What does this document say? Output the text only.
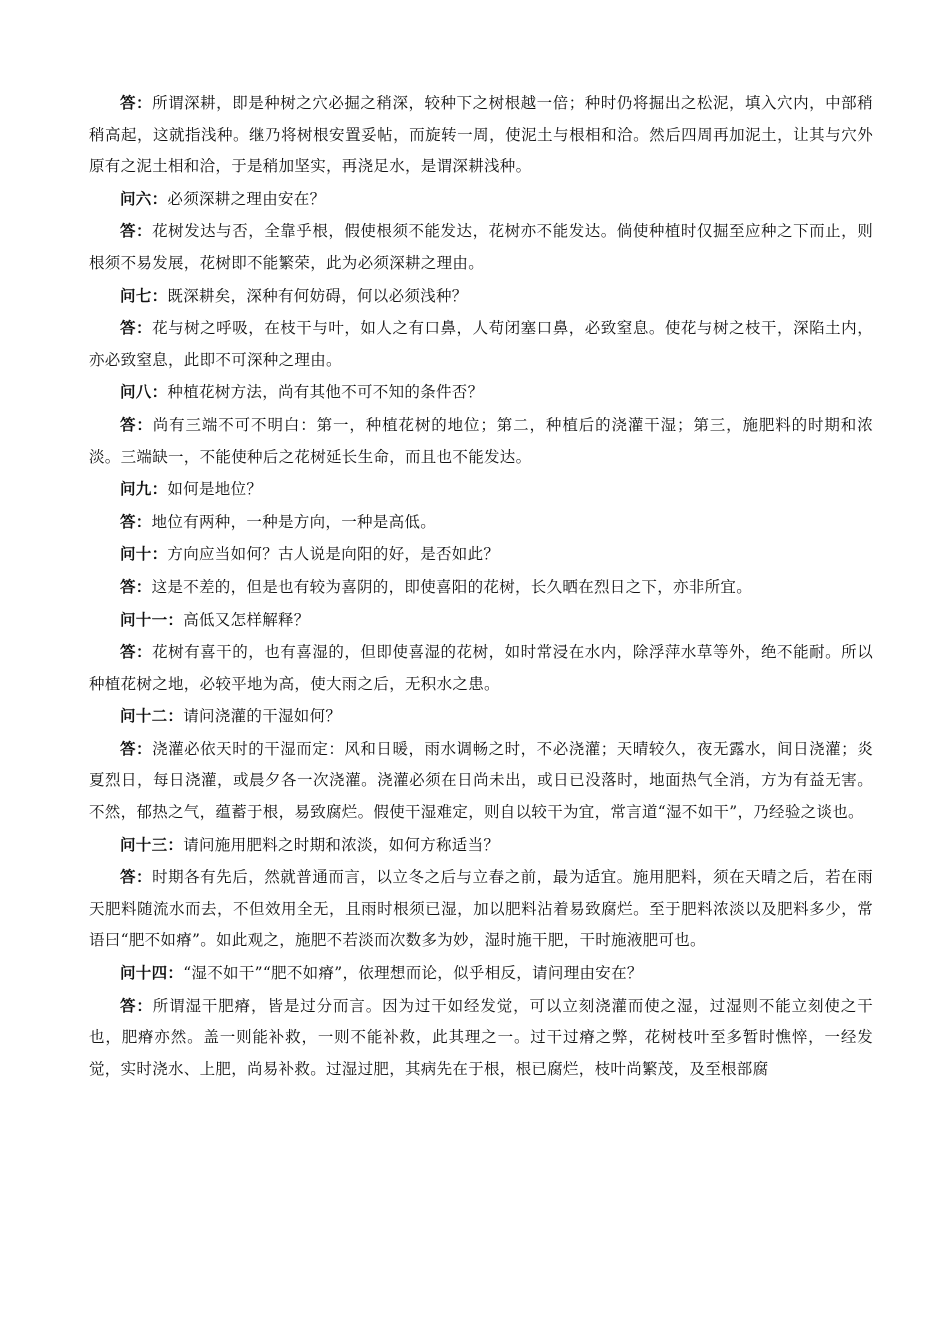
答：所谓深耕，即是种树之穴必掘之稍深，较种下之树根越一倍；种时仍将掘出之松泥，填入穴内，中部稍稍高起，这就指浅种。继乃将树根安置妥帖，而旋转一周，使泥土与根相和洽。然后四周再加泥土，让其与穴外原有之泥土相和洽，于是稍加坚实，再浇足水，是谓深耕浅种。

问六：必须深耕之理由安在？

答：花树发达与否，全靠乎根，假使根须不能发达，花树亦不能发达。倘使种植时仅掘至应种之下而止，则根须不易发展，花树即不能繁荣，此为必须深耕之理由。

问七：既深耕矣，深种有何妨碍，何以必须浅种？

答：花与树之呼吸，在枝干与叶，如人之有口鼻，人苟闭塞口鼻，必致窒息。使花与树之枝干，深陷土内，亦必致窒息，此即不可深种之理由。

问八：种植花树方法，尚有其他不可不知的条件否？

答：尚有三端不可不明白：第一，种植花树的地位；第二，种植后的浇灌干湿；第三，施肥料的时期和浓淡。三端缺一，不能使种后之花树延长生命，而且也不能发达。

问九：如何是地位？

答：地位有两种，一种是方向，一种是高低。

问十：方向应当如何？古人说是向阳的好，是否如此？

答：这是不差的，但是也有较为喜阴的，即使喜阳的花树，长久晒在烈日之下，亦非所宜。

问十一：高低又怎样解释？

答：花树有喜干的，也有喜湿的，但即使喜湿的花树，如时常浸在水内，除浮萍水草等外，绝不能耐。所以种植花树之地，必较平地为高，使大雨之后，无积水之患。

问十二：请问浇灌的干湿如何？

答：浇灌必依天时的干湿而定：风和日暖，雨水调畅之时，不必浇灌；天晴较久，夜无露水，间日浇灌；炎夏烈日，每日浇灌，或晨夕各一次浇灌。浇灌必须在日尚未出，或日已没落时，地面热气全消，方为有益无害。不然，郁热之气，蕴蓄于根，易致腐烂。假使干湿难定，则自以较干为宜，常言道“湿不如干”，乃经验之谈也。

问十三：请问施用肥料之时期和浓淡，如何方称适当？

答：时期各有先后，然就普通而言，以立冬之后与立春之前，最为适宜。施用肥料，须在天晴之后，若在雨天肥料随流水而去，不但效用全无，且雨时根须已湿，加以肥料沾着易致腐烂。至于肥料浓淡以及肥料多少，常语曰“肥不如瘠”。如此观之，施肥不若淡而次数多为妙，湿时施干肥，干时施液肥可也。

问十四：“湿不如干”“肥不如瘠”，依理想而论，似乎相反，请问理由安在？

答：所谓湿干肥瘠，皆是过分而言。因为过干如经发觉，可以立刻浇灌而使之湿，过湿则不能立刻使之干也，肥瘠亦然。盖一则能补救，一则不能补救，此其理之一。过干过瘠之弊，花树枝叶至多暂时憔悴，一经发觉，实时浇水、上肥，尚易补救。过湿过肥，其病先在于根，根已腐烂，枝叶尚繁茂，及至根部腐
